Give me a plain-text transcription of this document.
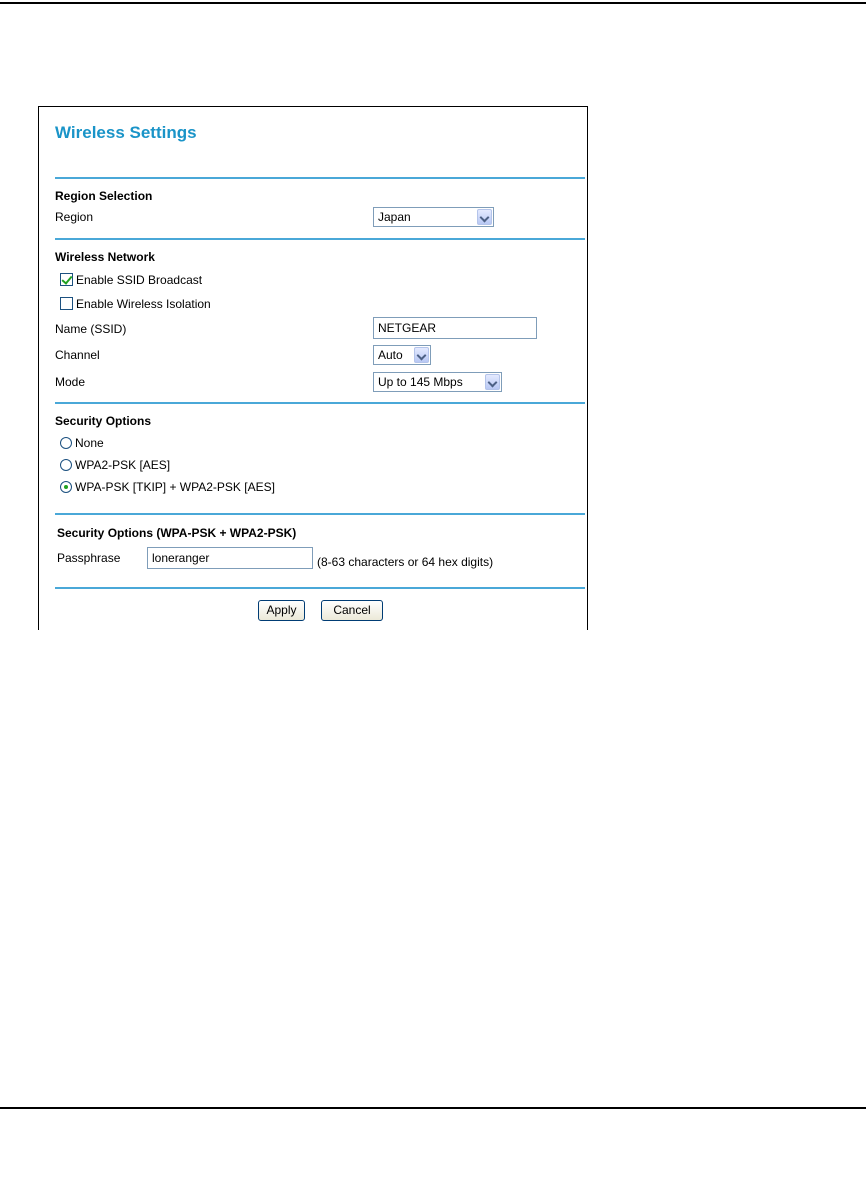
Wireless Settings
Region Selection
Region	Japan
Wireless Network
Enable SSID Broadcast
Enable Wireless Isolation
Name (SSID)	NETGEAR
Channel	Auto
Mode	Up to 145 Mbps
Security Options
None
WPA2-PSK [AES]
WPA-PSK [TKIP] + WPA2-PSK [AES]
Security Options (WPA-PSK + WPA2-PSK)
Passphrase	loneranger	(8-63 characters or 64 hex digits)
Apply	Cancel
